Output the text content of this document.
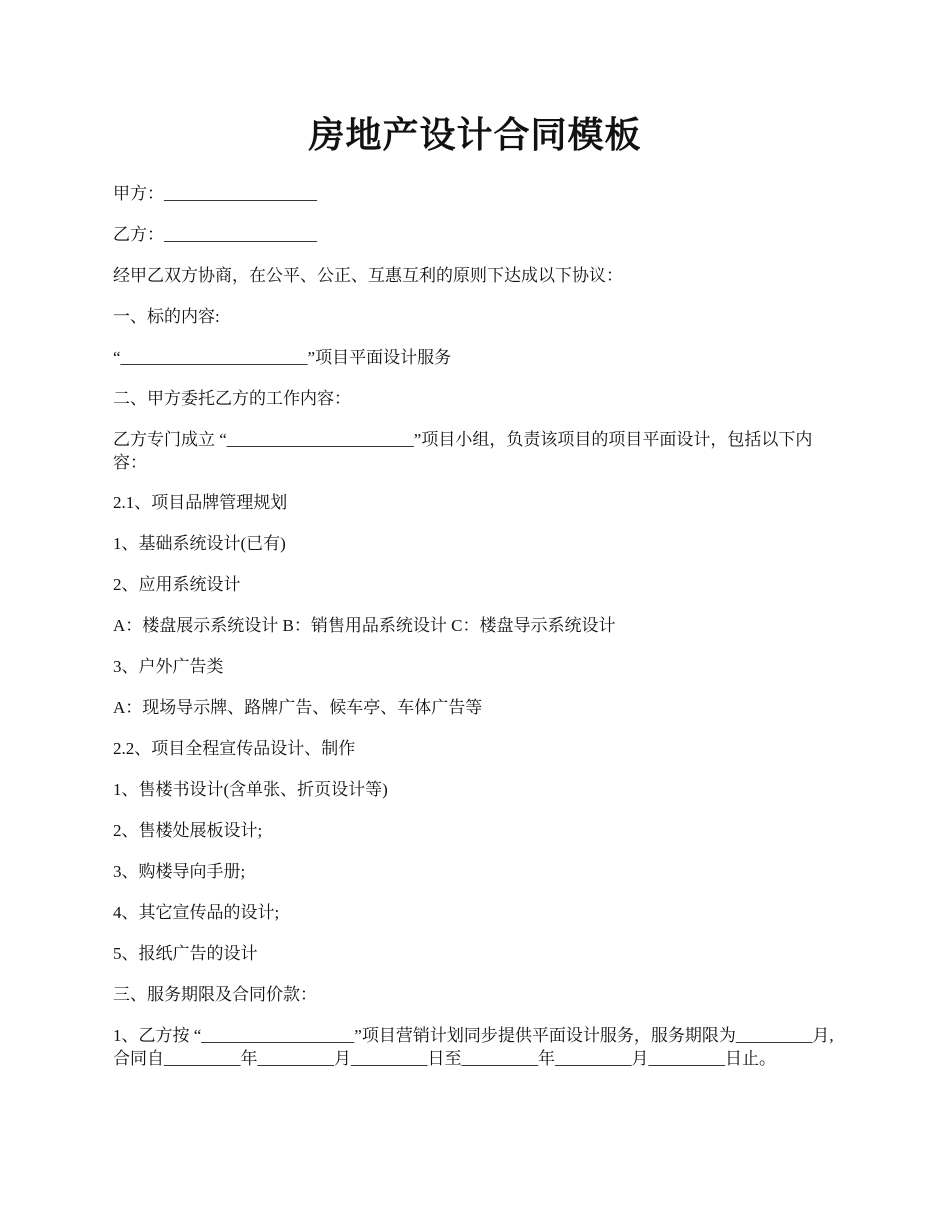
房地产设计合同模板
甲方：__________________
乙方：__________________
经甲乙双方协商，在公平、公正、互惠互利的原则下达成以下协议：
一、标的内容:
“______________________”项目平面设计服务
二、甲方委托乙方的工作内容：
乙方专门成立 “______________________”项目小组，负责该项目的项目平面设计，包括以下内容：
2.1、项目品牌管理规划
1、基础系统设计(已有)
2、应用系统设计
A：楼盘展示系统设计 B：销售用品系统设计 C：楼盘导示系统设计
3、户外广告类
A：现场导示牌、路牌广告、候车亭、车体广告等
2.2、项目全程宣传品设计、制作
1、售楼书设计(含单张、折页设计等)
2、售楼处展板设计;
3、购楼导向手册;
4、其它宣传品的设计;
5、报纸广告的设计
三、服务期限及合同价款：
1、乙方按 “__________________”项目营销计划同步提供平面设计服务，服务期限为_________月,合同自_________年_________月_________日至_________年_________月_________日止。
